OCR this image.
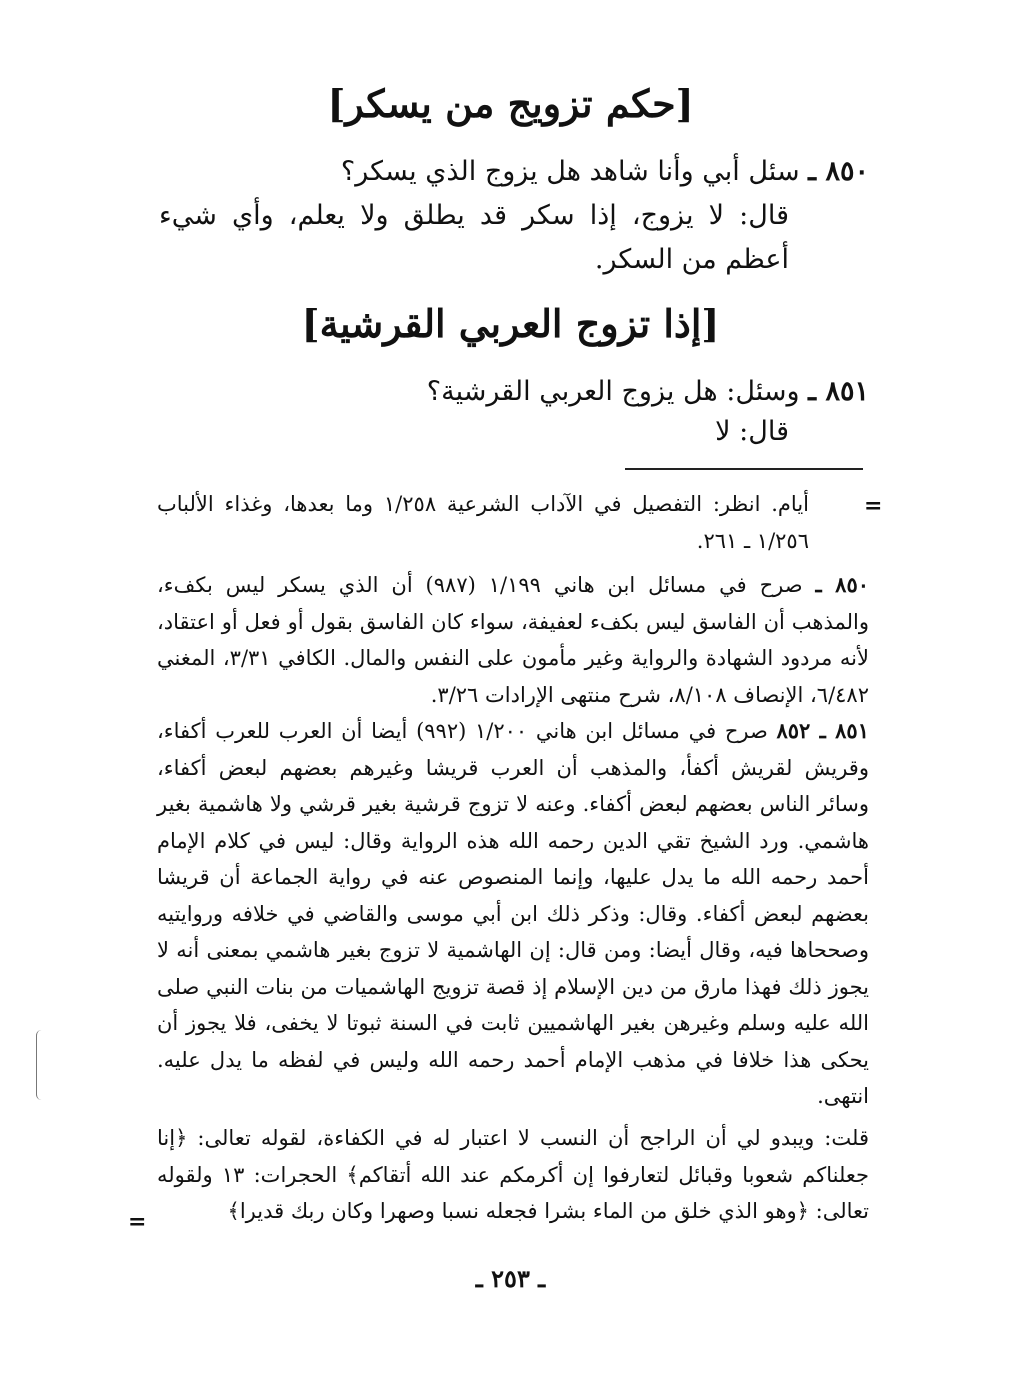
[حكم تزويج من يسكر]
٨٥٠ ـ سئل أبي وأنا شاهد هل يزوج الذي يسكر؟
قال: لا يزوج، إذا سكر قد يطلق ولا يعلم، وأي شيء أعظم من السكر.
[إذا تزوج العربي القرشية]
٨٥١ ـ وسئل: هل يزوج العربي القرشية؟
قال: لا
=
أيام. انظر: التفصيل في الآداب الشرعية ١/٢٥٨ وما بعدها، وغذاء الألباب ١/٢٥٦ ـ ٢٦١.
٨٥٠ ـ صرح في مسائل ابن هاني ١/١٩٩ (٩٨٧) أن الذي يسكر ليس بكفء، والمذهب أن الفاسق ليس بكفء لعفيفة، سواء كان الفاسق بقول أو فعل أو اعتقاد، لأنه مردود الشهادة والرواية وغير مأمون على النفس والمال. الكافي ٣/٣١، المغني ٦/٤٨٢، الإنصاف ٨/١٠٨، شرح منتهى الإرادات ٣/٢٦.
٨٥١ ـ ٨٥٢ صرح في مسائل ابن هاني ١/٢٠٠ (٩٩٢) أيضا أن العرب للعرب أكفاء، وقريش لقريش أكفأ، والمذهب أن العرب قريشا وغيرهم بعضهم لبعض أكفاء، وسائر الناس بعضهم لبعض أكفاء. وعنه لا تزوج قرشية بغير قرشي ولا هاشمية بغير هاشمي. ورد الشيخ تقي الدين رحمه الله هذه الرواية وقال: ليس في كلام الإمام أحمد رحمه الله ما يدل عليها، وإنما المنصوص عنه في رواية الجماعة أن قريشا بعضهم لبعض أكفاء. وقال: وذكر ذلك ابن أبي موسى والقاضي في خلافه وروايتيه وصححاها فيه، وقال أيضا: ومن قال: إن الهاشمية لا تزوج بغير هاشمي بمعنى أنه لا يجوز ذلك فهذا مارق من دين الإسلام إذ قصة تزويج الهاشميات من بنات النبي صلى الله عليه وسلم وغيرهن بغير الهاشميين ثابت في السنة ثبوتا لا يخفى، فلا يجوز أن يحكى هذا خلافا في مذهب الإمام أحمد رحمه الله وليس في لفظه ما يدل عليه. انتهى.
قلت: ويبدو لي أن الراجح أن النسب لا اعتبار له في الكفاءة، لقوله تعالى: ﴿إنا جعلناكم شعوبا وقبائل لتعارفوا إن أكرمكم عند الله أتقاكم﴾ الحجرات: ١٣ ولقوله تعالى: ﴿وهو الذي خلق من الماء بشرا فجعله نسبا وصهرا وكان ربك قديرا﴾
=
ـ ٢٥٣ ـ
